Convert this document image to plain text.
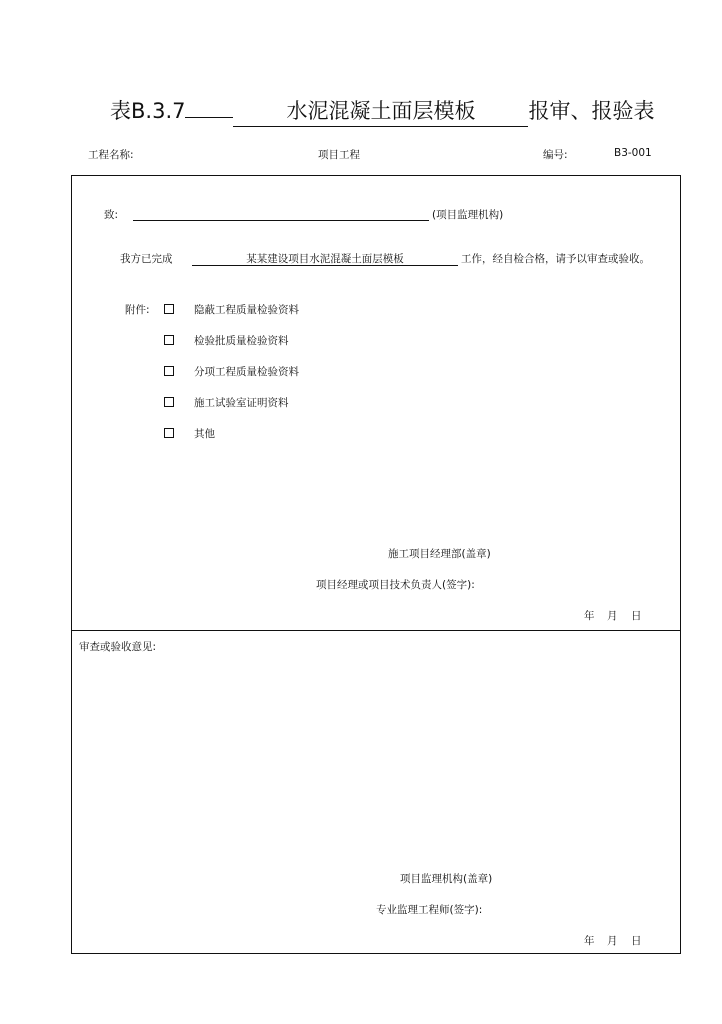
表B.3.7	水泥混凝土面层模板	报审、报验表
工程名称:	项目工程	编号:	B3-001
致:	(项目监理机构)
我方已完成	某某建设项目水泥混凝土面层模板	工作，经自检合格，请予以审查或验收。
附件:	隐蔽工程质量检验资料
检验批质量检验资料
分项工程质量检验资料
施工试验室证明资料
其他
施工项目经理部(盖章)
项目经理或项目技术负责人(签字):
年 月 日
审查或验收意见:
项目监理机构(盖章)
专业监理工程师(签字):
年 月 日
